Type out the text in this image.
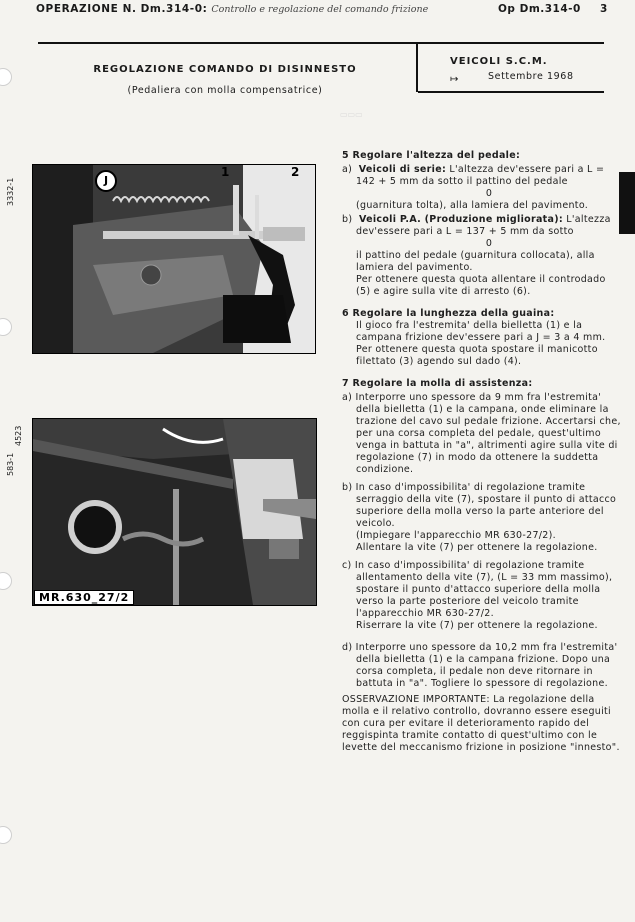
OPERAZIONE N. Dm.314-0: Controllo e regolazione del comando frizione	Op Dm.314-0 3
REGOLAZIONE COMANDO DI DISINNESTO
(Pedaliera con molla compensatrice)
VEICOLI S.C.M.
↦	Settembre 1968
3332-1	J
1	2
583-1
4523
MR.630_27/2
▭▭▭

5 Regolare l'altezza del pedale:

a) Veicoli di serie: L'altezza dev'essere pari a L = 142 + 5 mm da sotto il pattino del pedale

0

(guarnitura tolta), alla lamiera del pavimento.

b) Veicoli P.A. (Produzione migliorata): L'altezza dev'essere pari a L = 137 + 5 mm da sotto

0

il pattino del pedale (guarnitura collocata), alla lamiera del pavimento.

Per ottenere questa quota allentare il controdado (5) e agire sulla vite di arresto (6).

6 Regolare la lunghezza della guaina:

Il gioco fra l'estremita' della bielletta (1) e la campana frizione dev'essere pari a J = 3 a 4 mm. Per ottenere questa quota spostare il manicotto filettato (3) agendo sul dado (4).

7 Regolare la molla di assistenza:

a) Interporre uno spessore da 9 mm fra l'estremita' della bielletta (1) e la campana, onde eliminare la trazione del cavo sul pedale frizione. Accertarsi che, per una corsa completa del pedale, quest'ultimo venga in battuta in "a", altrimenti agire sulla vite di regolazione (7) in modo da ottenere la suddetta condizione.

b) In caso d'impossibilita' di regolazione tramite serraggio della vite (7), spostare il punto di attacco superiore della molla verso la parte anteriore del veicolo.

(Impiegare l'apparecchio MR 630-27/2).

Allentare la vite (7) per ottenere la regolazione.

c) In caso d'impossibilita' di regolazione tramite allentamento della vite (7), (L = 33 mm massimo), spostare il punto d'attacco superiore della molla verso la parte posteriore del veicolo tramite l'apparecchio MR 630-27/2.

Riserrare la vite (7) per ottenere la regolazione.

d) Interporre uno spessore da 10,2 mm fra l'estremita' della bielletta (1) e la campana frizione. Dopo una corsa completa, il pedale non deve ritornare in battuta in "a". Togliere lo spessore di regolazione.

OSSERVAZIONE IMPORTANTE: La regolazione della molla e il relativo controllo, dovranno essere eseguiti con cura per evitare il deterioramento rapido del reggispinta tramite contatto di quest'ultimo con le levette del meccanismo frizione in posizione "innesto".
